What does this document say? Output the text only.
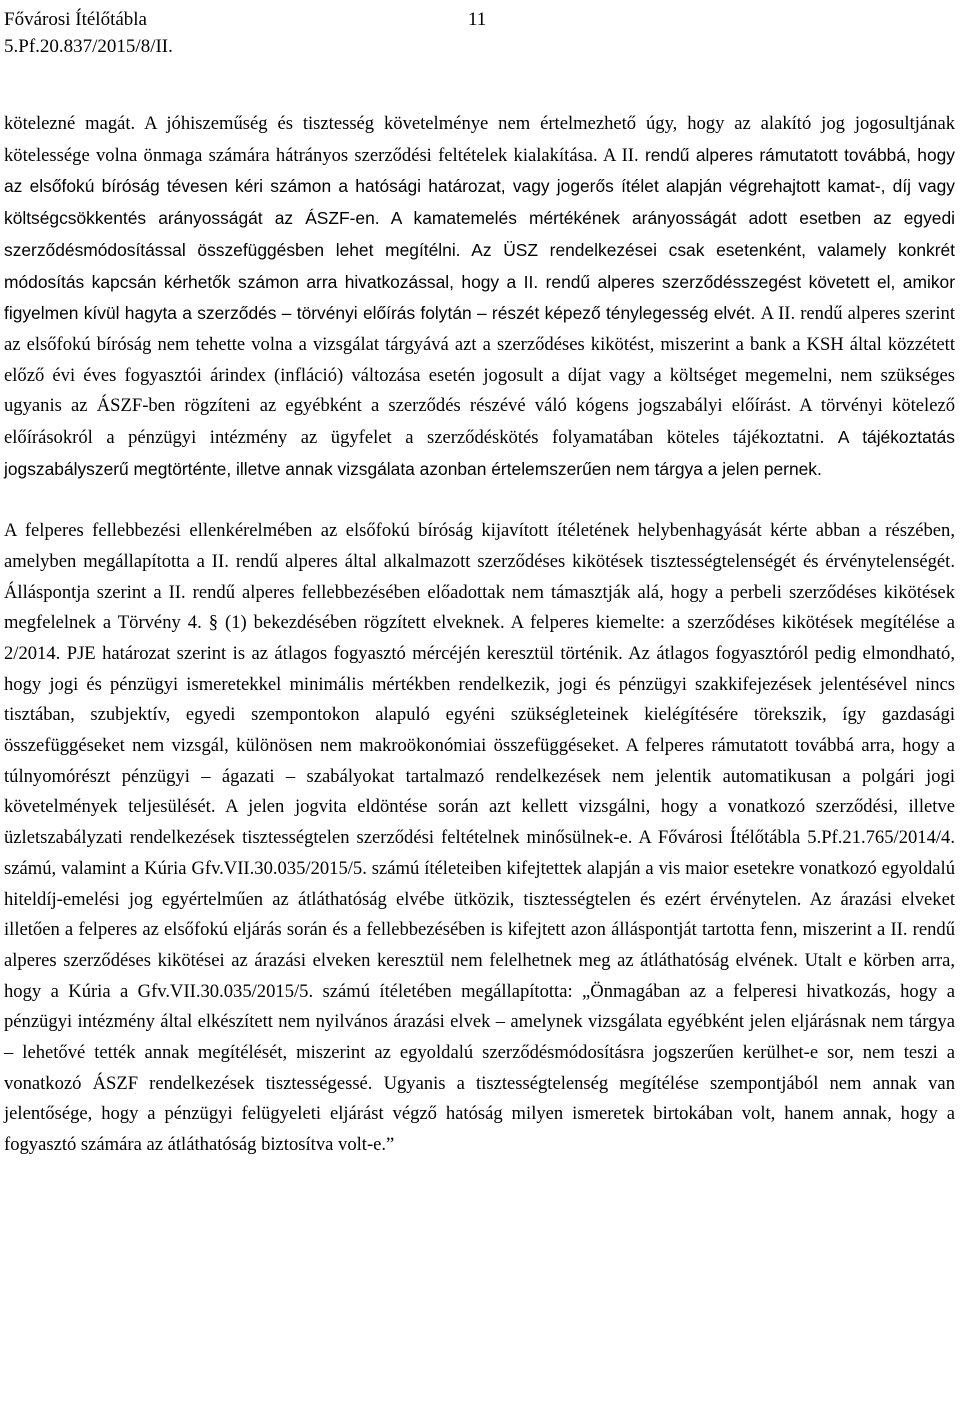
Fővárosi Ítélőtábla
5.Pf.20.837/2015/8/II.
11

kötelezné magát. A jóhiszeműség és tisztesség követelménye nem értelmezhető úgy, hogy az alakító jog jogosultjának kötelessége volna önmaga számára hátrányos szerződési feltételek kialakítása. A II. rendű alperes rámutatott továbbá, hogy az elsőfokú bíróság tévesen kéri számon a hatósági határozat, vagy jogerős ítélet alapján végrehajtott kamat-, díj vagy költségcsökkentés arányosságát az ÁSZF-en. A kamatemelés mértékének arányosságát adott esetben az egyedi szerződésmódosítással összefüggésben lehet megítélni. Az ÜSZ rendelkezései csak esetenként, valamely konkrét módosítás kapcsán kérhetők számon arra hivatkozással, hogy a II. rendű alperes szerződésszegést követett el, amikor figyelmen kívül hagyta a szerződés – törvényi előírás folytán – részét képező ténylegesség elvét. A II. rendű alperes szerint az elsőfokú bíróság nem tehette volna a vizsgálat tárgyává azt a szerződéses kikötést, miszerint a bank a KSH által közzétett előző évi éves fogyasztói árindex (infláció) változása esetén jogosult a díjat vagy a költséget megemelni, nem szükséges ugyanis az ÁSZF-ben rögzíteni az egyébként a szerződés részévé váló kógens jogszabályi előírást. A törvényi kötelező előírásokról a pénzügyi intézmény az ügyfelet a szerződéskötés folyamatában köteles tájékoztatni. A tájékoztatás jogszabályszerű megtörténte, illetve annak vizsgálata azonban értelemszerűen nem tárgya a jelen pernek.

A felperes fellebbezési ellenkérelmében az elsőfokú bíróság kijavított ítéletének helybenhagyását kérte abban a részében, amelyben megállapította a II. rendű alperes által alkalmazott szerződéses kikötések tisztességtelenségét és érvénytelenségét. Álláspontja szerint a II. rendű alperes fellebbezésében előadottak nem támasztják alá, hogy a perbeli szerződéses kikötések megfelelnek a Törvény 4. § (1) bekezdésében rögzített elveknek. A felperes kiemelte: a szerződéses kikötések megítélése a 2/2014. PJE határozat szerint is az átlagos fogyasztó mércéjén keresztül történik. Az átlagos fogyasztóról pedig elmondható, hogy jogi és pénzügyi ismeretekkel minimális mértékben rendelkezik, jogi és pénzügyi szakkifejezések jelentésével nincs tisztában, szubjektív, egyedi szempontokon alapuló egyéni szükségleteinek kielégítésére törekszik, így gazdasági összefüggéseket nem vizsgál, különösen nem makroökonómiai összefüggéseket. A felperes rámutatott továbbá arra, hogy a túlnyomórészt pénzügyi – ágazati – szabályokat tartalmazó rendelkezések nem jelentik automatikusan a polgári jogi követelmények teljesülését. A jelen jogvita eldöntése során azt kellett vizsgálni, hogy a vonatkozó szerződési, illetve üzletszabályzati rendelkezések tisztességtelen szerződési feltételnek minősülnek-e. A Fővárosi Ítélőtábla 5.Pf.21.765/2014/4. számú, valamint a Kúria Gfv.VII.30.035/2015/5. számú ítéleteiben kifejtettek alapján a vis maior esetekre vonatkozó egyoldalú hiteldíj-emelési jog egyértelműen az átláthatóság elvébe ütközik, tisztességtelen és ezért érvénytelen. Az árazási elveket illetően a felperes az elsőfokú eljárás során és a fellebbezésében is kifejtett azon álláspontját tartotta fenn, miszerint a II. rendű alperes szerződéses kikötései az árazási elveken keresztül nem felelhetnek meg az átláthatóság elvének. Utalt e körben arra, hogy a Kúria a Gfv.VII.30.035/2015/5. számú ítéletében megállapította: „Önmagában az a felperesi hivatkozás, hogy a pénzügyi intézmény által elkészített nem nyilvános árazási elvek – amelynek vizsgálata egyébként jelen eljárásnak nem tárgya – lehetővé tették annak megítélését, miszerint az egyoldalú szerződésmódosításra jogszerűen kerülhet-e sor, nem teszi a vonatkozó ÁSZF rendelkezések tisztességessé. Ugyanis a tisztességtelenség megítélése szempontjából nem annak van jelentősége, hogy a pénzügyi felügyeleti eljárást végző hatóság milyen ismeretek birtokában volt, hanem annak, hogy a fogyasztó számára az átláthatóság biztosítva volt-e.”
